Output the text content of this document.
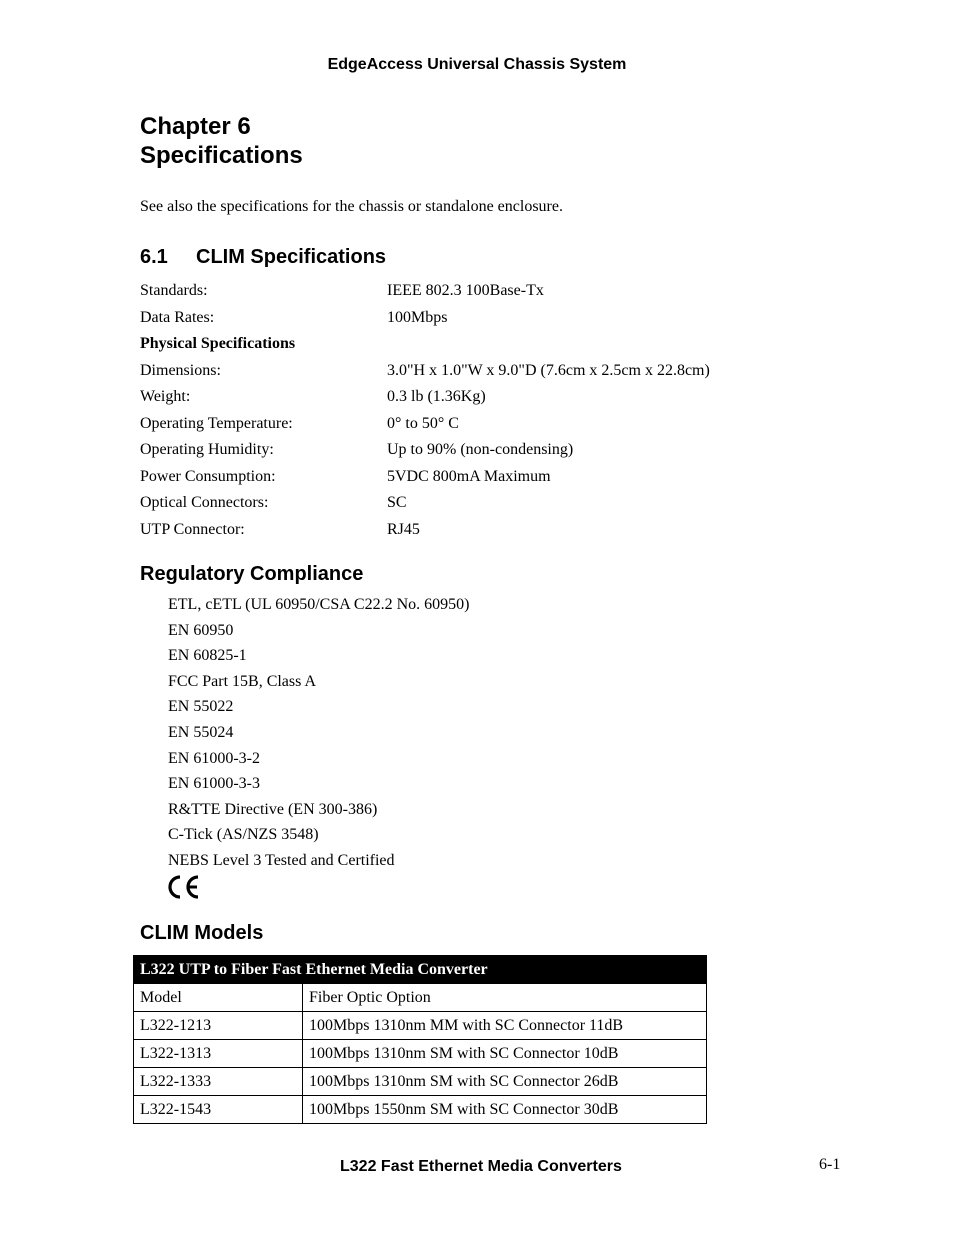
EdgeAccess Universal Chassis System
Chapter 6
Specifications
See also the specifications for the chassis or standalone enclosure.
6.1 CLIM Specifications
Standards:	IEEE 802.3 100Base-Tx
Data Rates:	100Mbps
Physical Specifications
Dimensions:	3.0"H x 1.0"W x 9.0"D (7.6cm x 2.5cm x 22.8cm)
Weight:	0.3 lb (1.36Kg)
Operating Temperature:	0° to 50° C
Operating Humidity:	Up to 90% (non-condensing)
Power Consumption:	5VDC 800mA Maximum
Optical Connectors:	SC
UTP Connector:	RJ45
Regulatory Compliance
ETL, cETL (UL 60950/CSA C22.2 No. 60950)
EN 60950
EN 60825-1
FCC Part 15B, Class A
EN 55022
EN 55024
EN 61000-3-2
EN 61000-3-3
R&TTE Directive (EN 300-386)
C-Tick (AS/NZS 3548)
NEBS Level 3 Tested and Certified
CLIM Models
L322 UTP to Fiber Fast Ethernet Media Converter	
Model	Fiber Optic Option
L322-1213	100Mbps 1310nm MM with SC Connector 11dB
L322-1313	100Mbps 1310nm SM with SC Connector 10dB
L322-1333	100Mbps 1310nm SM with SC Connector 26dB
L322-1543	100Mbps 1550nm SM with SC Connector 30dB
L322 Fast Ethernet Media Converters	6-1
